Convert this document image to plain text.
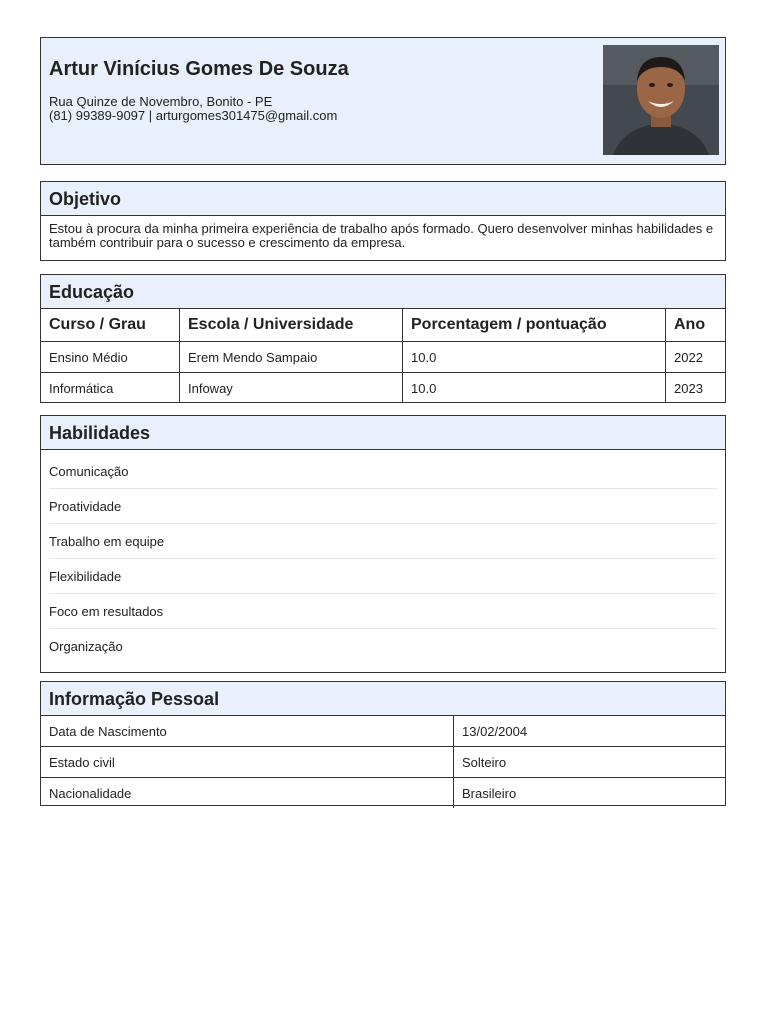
Artur Vinícius Gomes De Souza
Rua Quinze de Novembro, Bonito - PE
(81) 99389-9097 | arturgomes301475@gmail.com
Objetivo
Estou à procura da minha primeira experiência de trabalho após formado. Quero desenvolver minhas habilidades e também contribuir para o sucesso e crescimento da empresa.
Educação
Curso / Grau	Escola / Universidade	Porcentagem / pontuação	Ano
Ensino Médio	Erem Mendo Sampaio	10.0	2022
Informática	Infoway	10.0	2023
Habilidades
Comunicação
Proatividade
Trabalho em equipe
Flexibilidade
Foco em resultados
Organização
Informação Pessoal
Data de Nascimento	13/02/2004
Estado civil	Solteiro
Nacionalidade	Brasileiro
